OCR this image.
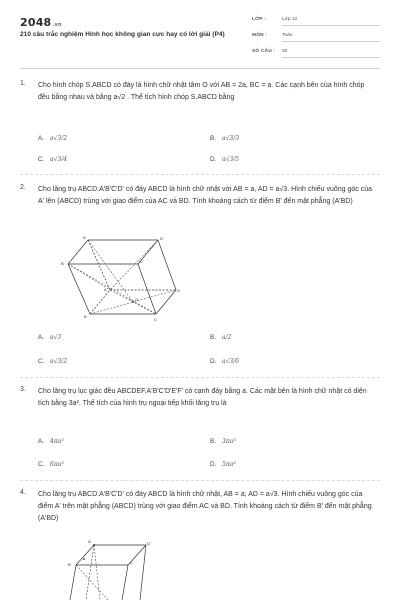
2048.vn
210 câu trắc nghiệm Hình học không gian cực hay có lời giải (P4)
LỚP :	Lớp 12
MÔN :	Toán
SỐ CÂU : 30
1. Cho hình chóp S.ABCD có đáy là hình chữ nhật tâm O với AB = 2a, BC = a. Các cạnh bên của hình chóp đều bằng nhau và bằng a√2 . Thể tích hình chóp S.ABCD bằng
A. a√3/2	B. a√3/3
C. a√3/4	D. a√3/5
2. Cho lăng trụ ABCD.A'B'C'D' có đáy ABCD là hình chữ nhật với AB = a, AD = a√3. Hình chiếu vuông góc của A' lên (ABCD) trùng với giao điểm của AC và BD. Tính khoảng cách từ điểm B' đến mặt phẳng (A'BD)
A'	D'
B'	C'
A	D
B
C
O
A. a√3	B. a/2
C. a√3/2	D. a√3/6
3. Cho lăng trụ lục giác đều ABCDEF.A'B'C'D'E'F' có cạnh đáy bằng a. Các mặt bên là hình chữ nhật có diện tích bằng 3a². Thể tích của hình trụ ngoại tiếp khối lăng trụ là
A. 4πa³	B. 3πa³
C. 6πa³	D. 5πa³
4. Cho lăng trụ ABCD.A'B'C'D' có đáy ABCD là hình chữ nhật, AB = a, AD = a√3. Hình chiếu vuông góc của điểm A' trên mặt phẳng (ABCD) trùng với giao điểm AC và BD. Tính khoảng cách từ điểm B' đến mặt phẳng (A'BD)
A'	D'
B'	C'
